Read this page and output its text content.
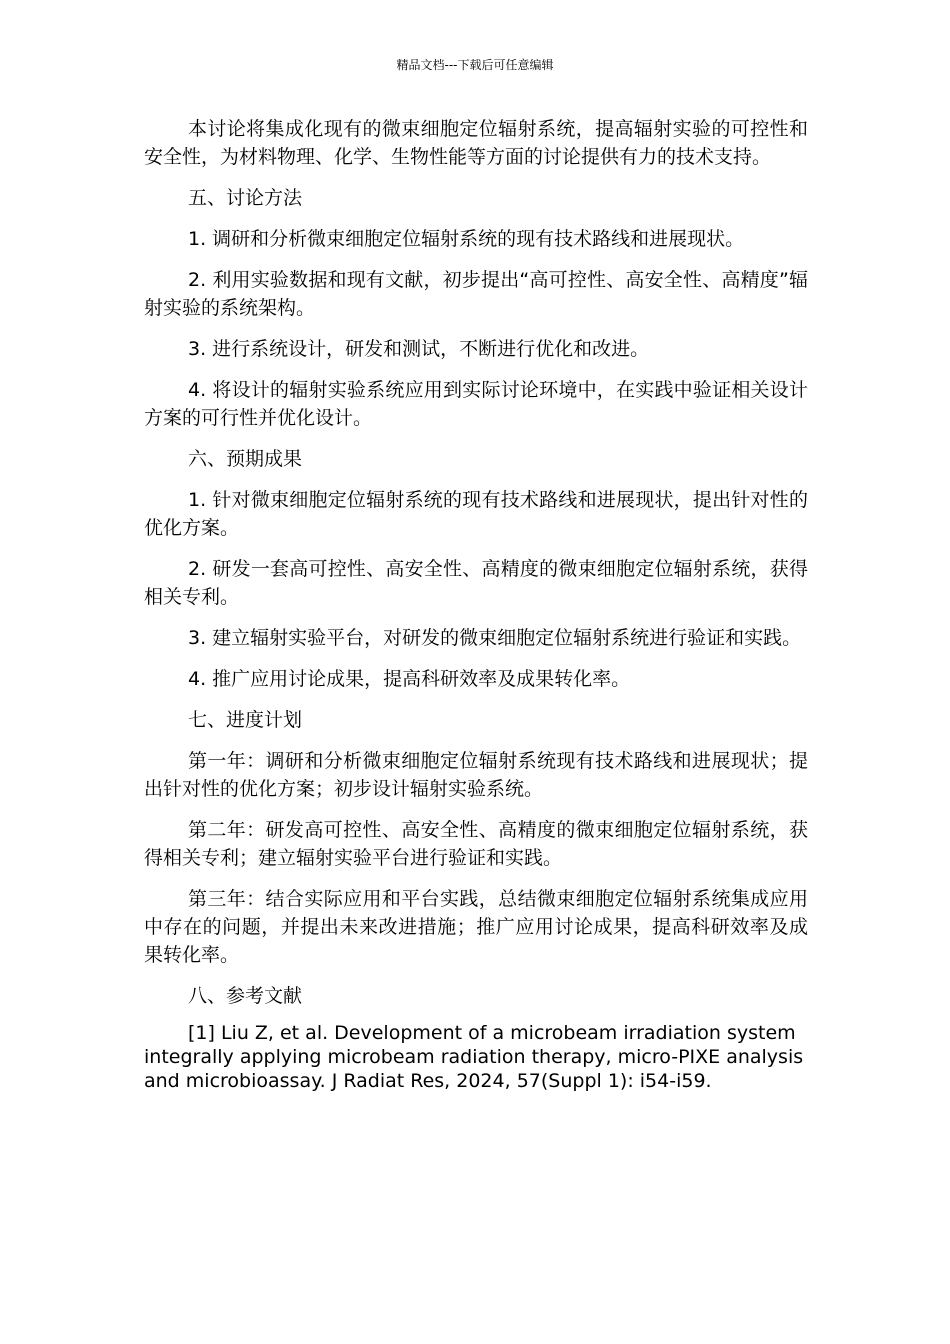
精品文档---下载后可任意编辑

本讨论将集成化现有的微束细胞定位辐射系统，提高辐射实验的可控性和安全性，为材料物理、化学、生物性能等方面的讨论提供有力的技术支持。

五、讨论方法

1. 调研和分析微束细胞定位辐射系统的现有技术路线和进展现状。

2. 利用实验数据和现有文献，初步提出“高可控性、高安全性、高精度”辐射实验的系统架构。

3. 进行系统设计，研发和测试，不断进行优化和改进。

4. 将设计的辐射实验系统应用到实际讨论环境中，在实践中验证相关设计方案的可行性并优化设计。

六、预期成果

1. 针对微束细胞定位辐射系统的现有技术路线和进展现状，提出针对性的优化方案。

2. 研发一套高可控性、高安全性、高精度的微束细胞定位辐射系统，获得相关专利。

3. 建立辐射实验平台，对研发的微束细胞定位辐射系统进行验证和实践。

4. 推广应用讨论成果，提高科研效率及成果转化率。

七、进度计划

第一年：调研和分析微束细胞定位辐射系统现有技术路线和进展现状；提出针对性的优化方案；初步设计辐射实验系统。

第二年：研发高可控性、高安全性、高精度的微束细胞定位辐射系统，获得相关专利；建立辐射实验平台进行验证和实践。

第三年：结合实际应用和平台实践，总结微束细胞定位辐射系统集成应用中存在的问题，并提出未来改进措施；推广应用讨论成果，提高科研效率及成果转化率。

八、参考文献

[1] Liu Z, et al. Development of a microbeam irradiation system integrally applying microbeam radiation therapy, micro-PIXE analysis and microbioassay. J Radiat Res, 2024, 57(Suppl 1): i54-i59.
